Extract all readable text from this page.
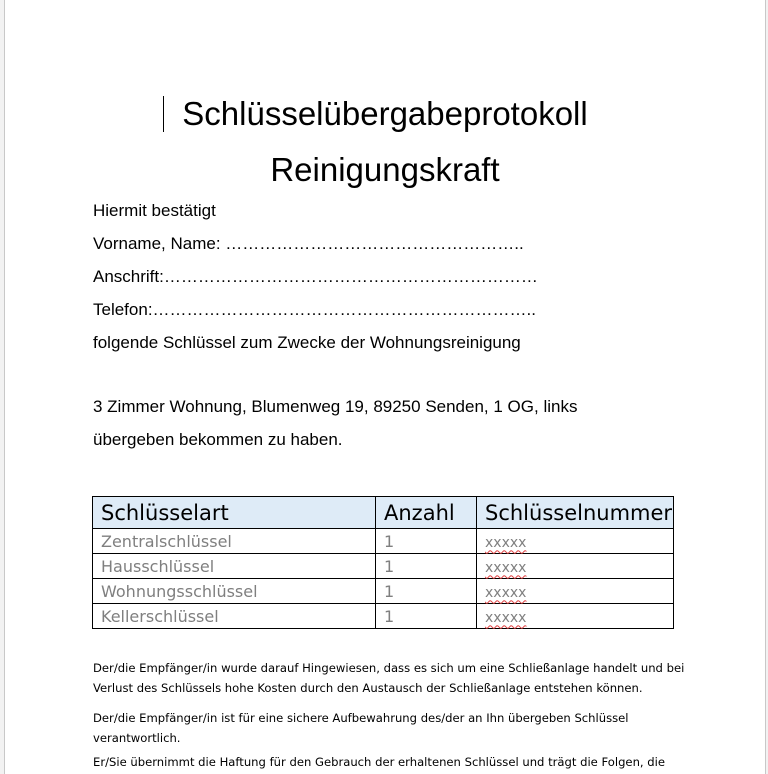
Schlüsselübergabeprotokoll
Reinigungskraft
Hiermit bestätigt
Vorname, Name: ……………………………………………..
Anschrift:…………………………………………………………
Telefon:…………………………………………………………..
folgende Schlüssel zum Zwecke der Wohnungsreinigung
3 Zimmer Wohnung, Blumenweg 19, 89250 Senden, 1 OG, links
übergeben bekommen zu haben.
Schlüsselart	Anzahl	Schlüsselnummer
Zentralschlüssel	1	xxxxx
Hausschlüssel	1	xxxxx
Wohnungsschlüssel	1	xxxxx
Kellerschlüssel	1	xxxxx
Der/die Empfänger/in wurde darauf Hingewiesen, dass es sich um eine Schließanlage handelt und bei Verlust des Schlüssels hohe Kosten durch den Austausch der Schließanlage entstehen können.
Der/die Empfänger/in ist für eine sichere Aufbewahrung des/der an Ihn übergeben Schlüssel verantwortlich.
Er/Sie übernimmt die Haftung für den Gebrauch der erhaltenen Schlüssel und trägt die Folgen, die
